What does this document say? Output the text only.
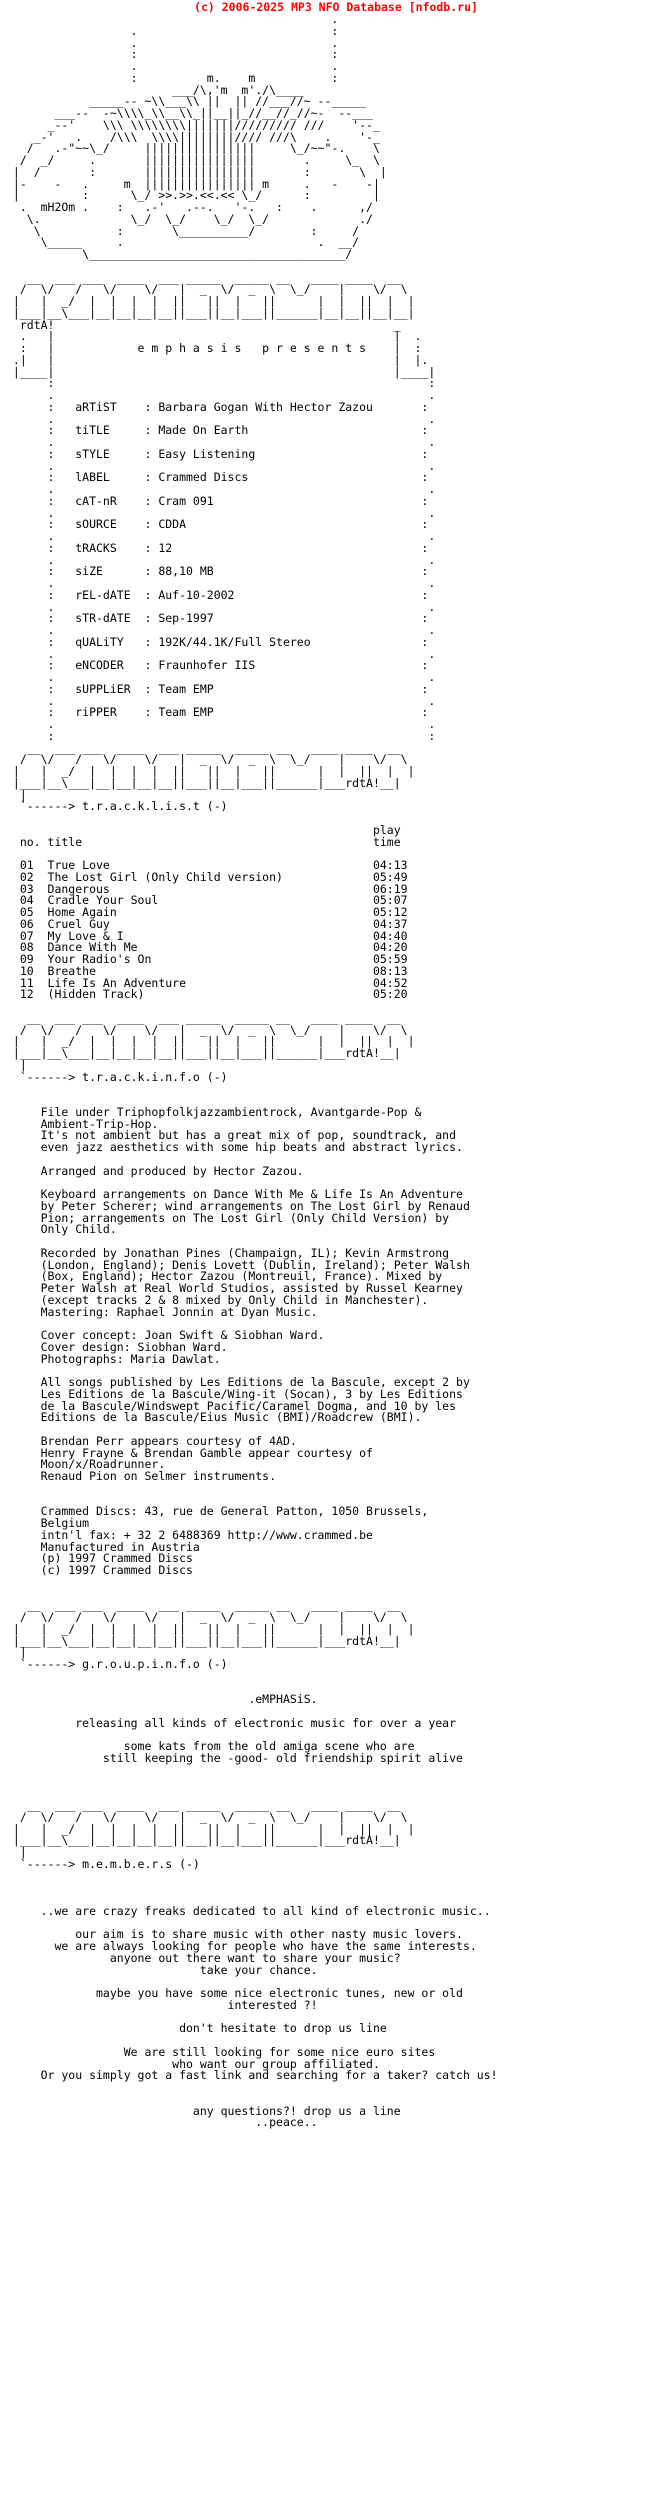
(c) 2006-2025 MP3 NFO Database [nfodb.ru]
.
.                            :
.                            .
:                            :
.                            .
:          m.    m           :
___/\,'m  m'./\____
_____-- ~\\___\\ ||  || //___//~ --_____
___--  -~\\\\_\\__\\_||__||_//__//_//~-  --___
_--'    \\\ \\\\\\\\|||||||///////// ///    '--_
_-'   .    /\\\  \\\\||||||||//// ///\    .    '-_
/   .-"~~\_/     ||||||||||||||||     \_/~~"-.    \
/  _/     .       ||||||||||||||||       .     \_  \
|  /       :       ||||||||||||||||       :       \  |
|-    -   .     m  |||||||||||||||| m     .   -    -|
|         :      \_/ >>.>>.<<.<< \_/      :         |
.  mH2Om .    :   .-'   .--.   '-.   :    .      ,/
\.             \_/  \_/    \_/  \_/             ./
\           :       \__________/        :     /
\_____     .                            .  __/
\_____________________________________/

__  ___ ___  ____  ___ _____  _____ __   ____ ____  __
/  \/   /   \/    \/   |  _  \/  _  \  \_/    |    \/  \
|   |  _/  |  |  |  |  ||   ||  |   ||      |  |  ||  |  |
|___|__\___|__|__|__|__||___||__|___||______|__|__||__|__|
rdtA!                                                 _
.   |                                                 |  .
:   |            e m p h a s i s   p r e s e n t s    |  :
.|   |                                                 |  |.
|____|                                                 |____|
:                                                      :
.                                                      .
:   aRTiST    : Barbara Gogan With Hector Zazou       :
.                                                      .
:   tiTLE     : Made On Earth                         :
.                                                      .
:   sTYLE     : Easy Listening                        :
.                                                      .
:   lABEL     : Crammed Discs                         :
.                                                      .
:   cAT-nR    : Cram 091                              :
.                                                      .
:   sOURCE    : CDDA                                  :
.                                                      .
:   tRACKS    : 12                                    :
.                                                      .
:   siZE      : 88,10 MB                              :
.                                                      .
:   rEL-dATE  : Auf-10-2002                           :
.                                                      .
:   sTR-dATE  : Sep-1997                              :
.                                                      .
:   qUALiTY   : 192K/44.1K/Full Stereo                :
.                                                      .
:   eNCODER   : Fraunhofer IIS                        :
.                                                      .
:   sUPPLiER  : Team EMP                              :
.                                                      .
:   riPPER    : Team EMP                              :
.                                                      .
:                                                      :
__  ___ ___  ____  ___ _____  _____ __   ____ ____  __
/  \/   /   \/    \/   |  _  \/  _  \  \_/    |    \/  \
|   |  _/  |  |  |  |  ||   ||  |   ||      |  |  ||  |  |
|___|__\___|__|__|__|__||___||__|___||______|___rdtA!__|
|
`------> t.r.a.c.k.l.i.s.t (-)

play
no. title                                          time

01  True Love                                      04:13
02  The Lost Girl (Only Child version)             05:49
03  Dangerous                                      06:19
04  Cradle Your Soul                               05:07
05  Home Again                                     05:12
06  Cruel Guy                                      04:37
07  My Love & I                                    04:40
08  Dance With Me                                  04:20
09  Your Radio's On                                05:59
10  Breathe                                        08:13
11  Life Is An Adventure                           04:52
12  (Hidden Track)                                 05:20

__  ___ ___  ____  ___ _____  _____ __   ____ ____  __
/  \/   /   \/    \/   |  _  \/  _  \  \_/    |    \/  \
|   |  _/  |  |  |  |  ||   ||  |   ||      |  |  ||  |  |
|___|__\___|__|__|__|__||___||__|___||______|___rdtA!__|
|
`------> t.r.a.c.k.i.n.f.o (-)

File under Triphopfolkjazzambientrock, Avantgarde-Pop &
Ambient-Trip-Hop.
It's not ambient but has a great mix of pop, soundtrack, and
even jazz aesthetics with some hip beats and abstract lyrics.

Arranged and produced by Hector Zazou.

Keyboard arrangements on Dance With Me & Life Is An Adventure
by Peter Scherer; wind arrangements on The Lost Girl by Renaud
Pion; arrangements on The Lost Girl (Only Child Version) by
Only Child.

Recorded by Jonathan Pines (Champaign, IL); Kevin Armstrong
(London, England); Denis Lovett (Dublin, Ireland); Peter Walsh
(Box, England); Hector Zazou (Montreuil, France). Mixed by
Peter Walsh at Real World Studios, assisted by Russel Kearney
(except tracks 2 & 8 mixed by Only Child in Manchester).
Mastering: Raphael Jonnin at Dyan Music.

Cover concept: Joan Swift & Siobhan Ward.
Cover design: Siobhan Ward.
Photographs: Maria Dawlat.

All songs published by Les Editions de la Bascule, except 2 by
Les Editions de la Bascule/Wing-it (Socan), 3 by Les Editions
de la Bascule/Windswept Pacific/Caramel Dogma, and 10 by les
Editions de la Bascule/Eius Music (BMI)/Roadcrew (BMI).

Brendan Perr appears courtesy of 4AD.
Henry Frayne & Brendan Gamble appear courtesy of
Moon/x/Roadrunner.
Renaud Pion on Selmer instruments.

Crammed Discs: 43, rue de General Patton, 1050 Brussels,
Belgium
intn'l fax: + 32 2 6488369 http://www.crammed.be
Manufactured in Austria
(p) 1997 Crammed Discs
(c) 1997 Crammed Discs

__  ___ ___  ____  ___ _____  _____ __   ____ ____  __
/  \/   /   \/    \/   |  _  \/  _  \  \_/    |    \/  \
|   |  _/  |  |  |  |  ||   ||  |   ||      |  |  ||  |  |
|___|__\___|__|__|__|__||___||__|___||______|___rdtA!__|
|
`------> g.r.o.u.p.i.n.f.o (-)

.eMPHASiS.

releasing all kinds of electronic music for over a year

some kats from the old amiga scene who are
still keeping the -good- old friendship spirit alive

__  ___ ___  ____  ___ _____  _____ __   ____ ____  __
/  \/   /   \/    \/   |  _  \/  _  \  \_/    |    \/  \
|   |  _/  |  |  |  |  ||   ||  |   ||      |  |  ||  |  |
|___|__\___|__|__|__|__||___||__|___||______|___rdtA!__|
|
`------> m.e.m.b.e.r.s (-)

..we are crazy freaks dedicated to all kind of electronic music..

our aim is to share music with other nasty music lovers.
we are always looking for people who have the same interests.
anyone out there want to share your music?
take your chance.

maybe you have some nice electronic tunes, new or old
interested ?!

don't hesitate to drop us line

We are still looking for some nice euro sites
who want our group affiliated.
Or you simply got a fast link and searching for a taker? catch us!

any questions?! drop us a line
..peace..
